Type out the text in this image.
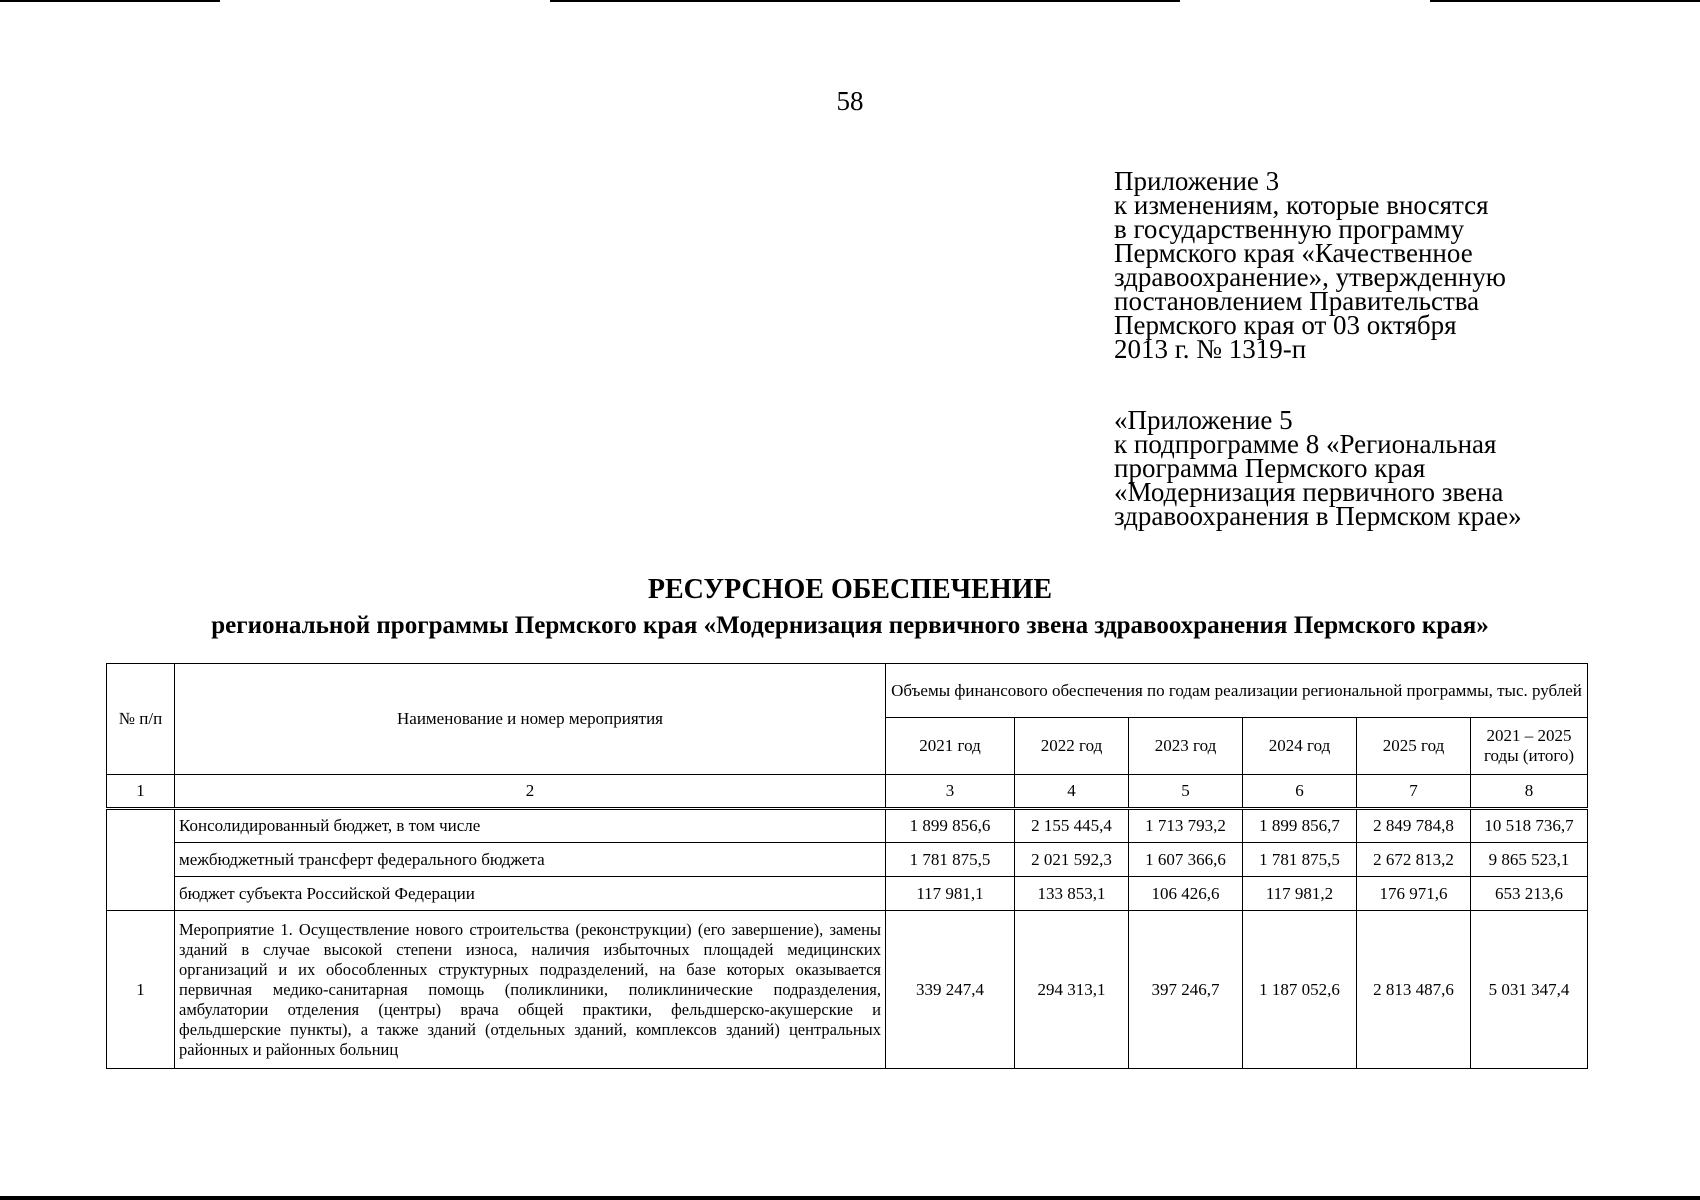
58
Приложение 3
к изменениям, которые вносятся
в государственную программу
Пермского края «Качественное
здравоохранение», утвержденную
постановлением Правительства
Пермского края от 03 октября
2013 г. № 1319-п
«Приложение 5
к подпрограмме 8 «Региональная
программа Пермского края
«Модернизация первичного звена
здравоохранения в Пермском крае»
РЕСУРСНОЕ ОБЕСПЕЧЕНИЕ
региональной программы Пермского края «Модернизация первичного звена здравоохранения Пермского края»
№ п/п	Наименование и номер мероприятия	Объемы финансового обеспечения по годам реализации региональной программы, тыс. рублей					
		2021 год	2022 год	2023 год	2024 год	2025 год	2021 – 2025 годы (итого)
1	2	3	4	5	6	7	8
	Консолидированный бюджет, в том числе	1 899 856,6	2 155 445,4	1 713 793,2	1 899 856,7	2 849 784,8	10 518 736,7
	межбюджетный трансферт федерального бюджета	1 781 875,5	2 021 592,3	1 607 366,6	1 781 875,5	2 672 813,2	9 865 523,1
	бюджет субъекта Российской Федерации	117 981,1	133 853,1	106 426,6	117 981,2	176 971,6	653 213,6
1	Мероприятие 1. Осуществление нового строительства (реконструкции) (его завершение), замены зданий в случае высокой степени износа, наличия избыточных площадей медицинских организаций и их обособленных структурных подразделений, на базе которых оказывается первичная медико-санитарная помощь (поликлиники, поликлинические подразделения, амбулатории отделения (центры) врача общей практики, фельдшерско-акушерские и фельдшерские пункты), а также зданий (отдельных зданий, комплексов зданий) центральных районных и районных больниц	339 247,4	294 313,1	397 246,7	1 187 052,6	2 813 487,6	5 031 347,4
